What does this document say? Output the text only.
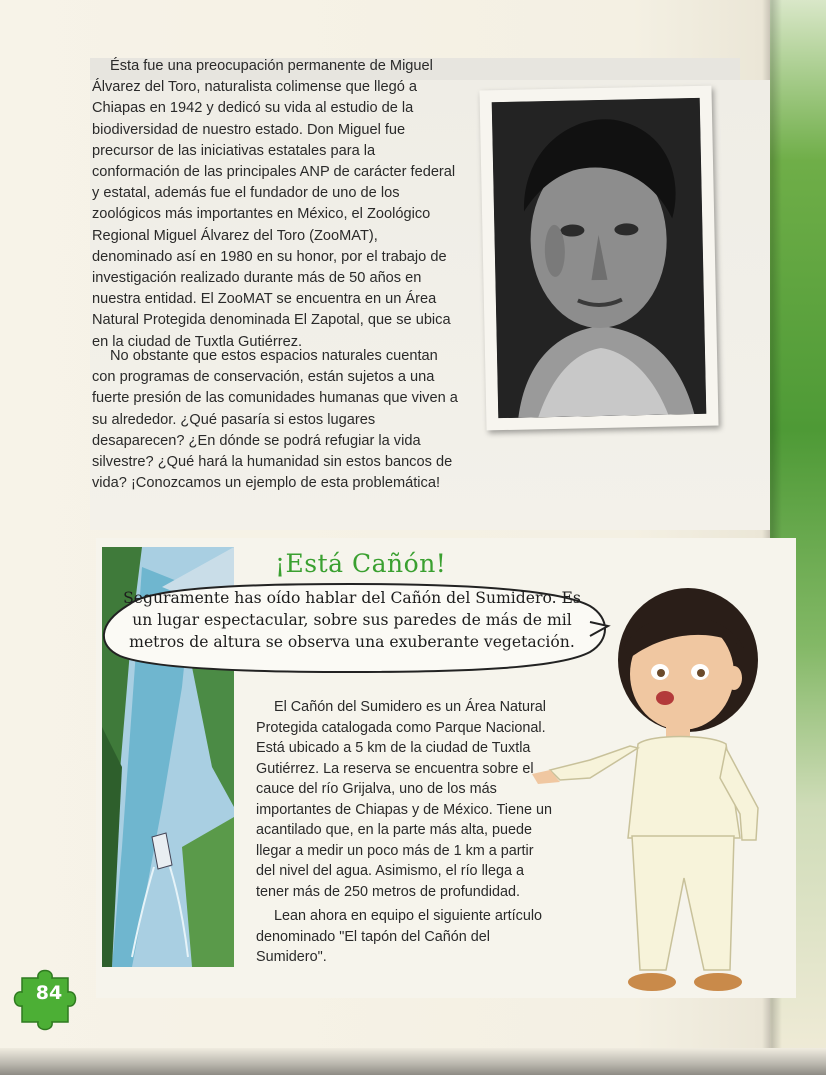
Ésta fue una preocupación permanente de Miguel Álvarez del Toro, naturalista colimense que llegó a Chiapas en 1942 y dedicó su vida al estudio de la biodiversidad de nuestro estado. Don Miguel fue precursor de las iniciativas estatales para la conformación de las principales ANP de carácter federal y estatal, además fue el fundador de uno de los zoológicos más importantes en México, el Zoológico Regional Miguel Álvarez del Toro (ZooMAT), denominado así en 1980 en su honor, por el trabajo de investigación realizado durante más de 50 años en nuestra entidad. El ZooMAT se encuentra en un Área Natural Protegida denominada El Zapotal, que se ubica en la ciudad de Tuxtla Gutiérrez.

No obstante que estos espacios naturales cuentan con programas de conservación, están sujetos a una fuerte presión de las comunidades humanas que viven a su alrededor. ¿Qué pasaría si estos lugares desaparecen? ¿En dónde se podrá refugiar la vida silvestre? ¿Qué hará la humanidad sin estos bancos de vida? ¡Conozcamos un ejemplo de esta problemática!

¡Está Cañón!
Seguramente has oído hablar del Cañón del Sumidero. Es un lugar espectacular, sobre sus paredes de más de mil metros de altura se observa una exuberante vegetación.

El Cañón del Sumidero es un Área Natural Protegida catalogada como Parque Nacional. Está ubicado a 5 km de la ciudad de Tuxtla Gutiérrez. La reserva se encuentra sobre el cauce del río Grijalva, uno de los más importantes de Chiapas y de México. Tiene un acantilado que, en la parte más alta, puede llegar a medir un poco más de 1 km a partir del nivel del agua. Asimismo, el río llega a tener más de 250 metros de profundidad.

Lean ahora en equipo el siguiente artículo denominado "El tapón del Cañón del Sumidero".

84
